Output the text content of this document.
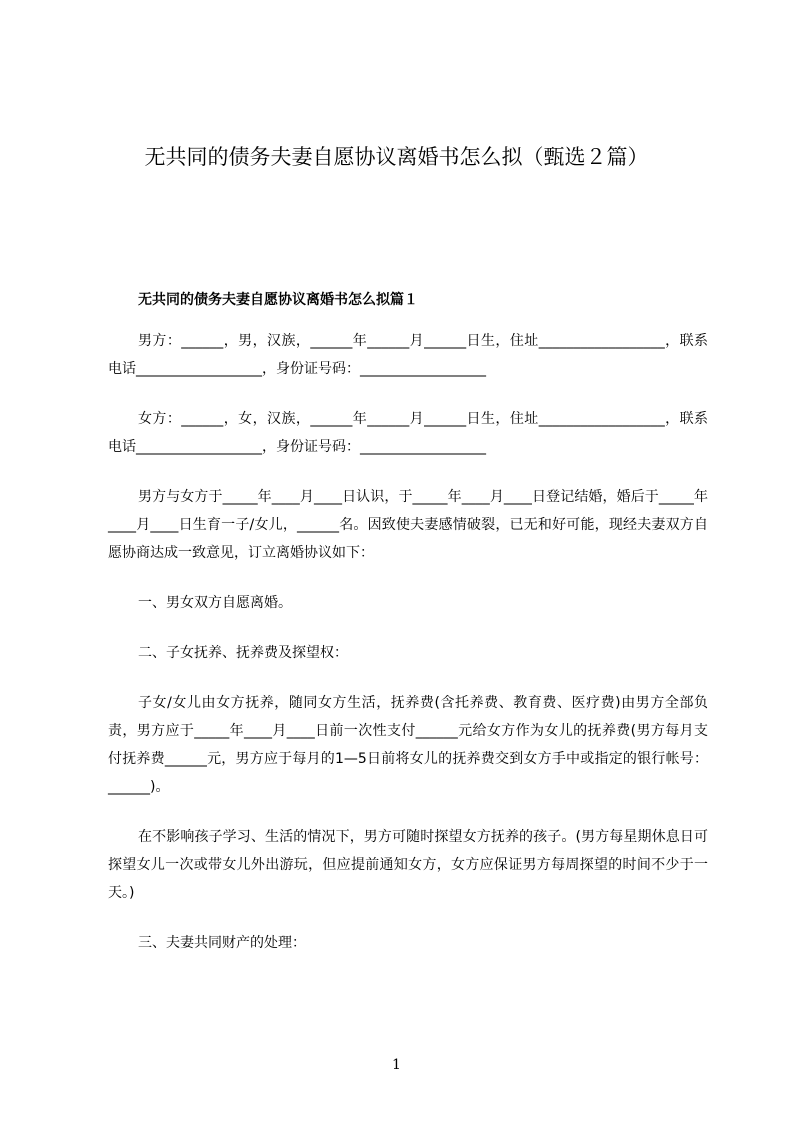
无共同的债务夫妻自愿协议离婚书怎么拟（甄选２篇）
无共同的债务夫妻自愿协议离婚书怎么拟篇１

男方：______，男，汉族，______年______月______日生，住址__________________，联系电话__________________，身份证号码：__________________

女方：______，女，汉族，______年______月______日生，住址__________________，联系电话__________________，身份证号码：__________________

男方与女方于_____年____月____日认识，于_____年____月____日登记结婚，婚后于_____年____月____日生育一子/女儿，______名。因致使夫妻感情破裂，已无和好可能，现经夫妻双方自愿协商达成一致意见，订立离婚协议如下：

一、男女双方自愿离婚。

二、子女抚养、抚养费及探望权：

子女/女儿由女方抚养，随同女方生活，抚养费(含托养费、教育费、医疗费)由男方全部负责，男方应于_____年____月____日前一次性支付______元给女方作为女儿的抚养费(男方每月支付抚养费______元，男方应于每月的1—5日前将女儿的抚养费交到女方手中或指定的银行帐号：______)。

在不影响孩子学习、生活的情况下，男方可随时探望女方抚养的孩子。(男方每星期休息日可探望女儿一次或带女儿外出游玩，但应提前通知女方，女方应保证男方每周探望的时间不少于一天。)

三、夫妻共同财产的处理：

1
